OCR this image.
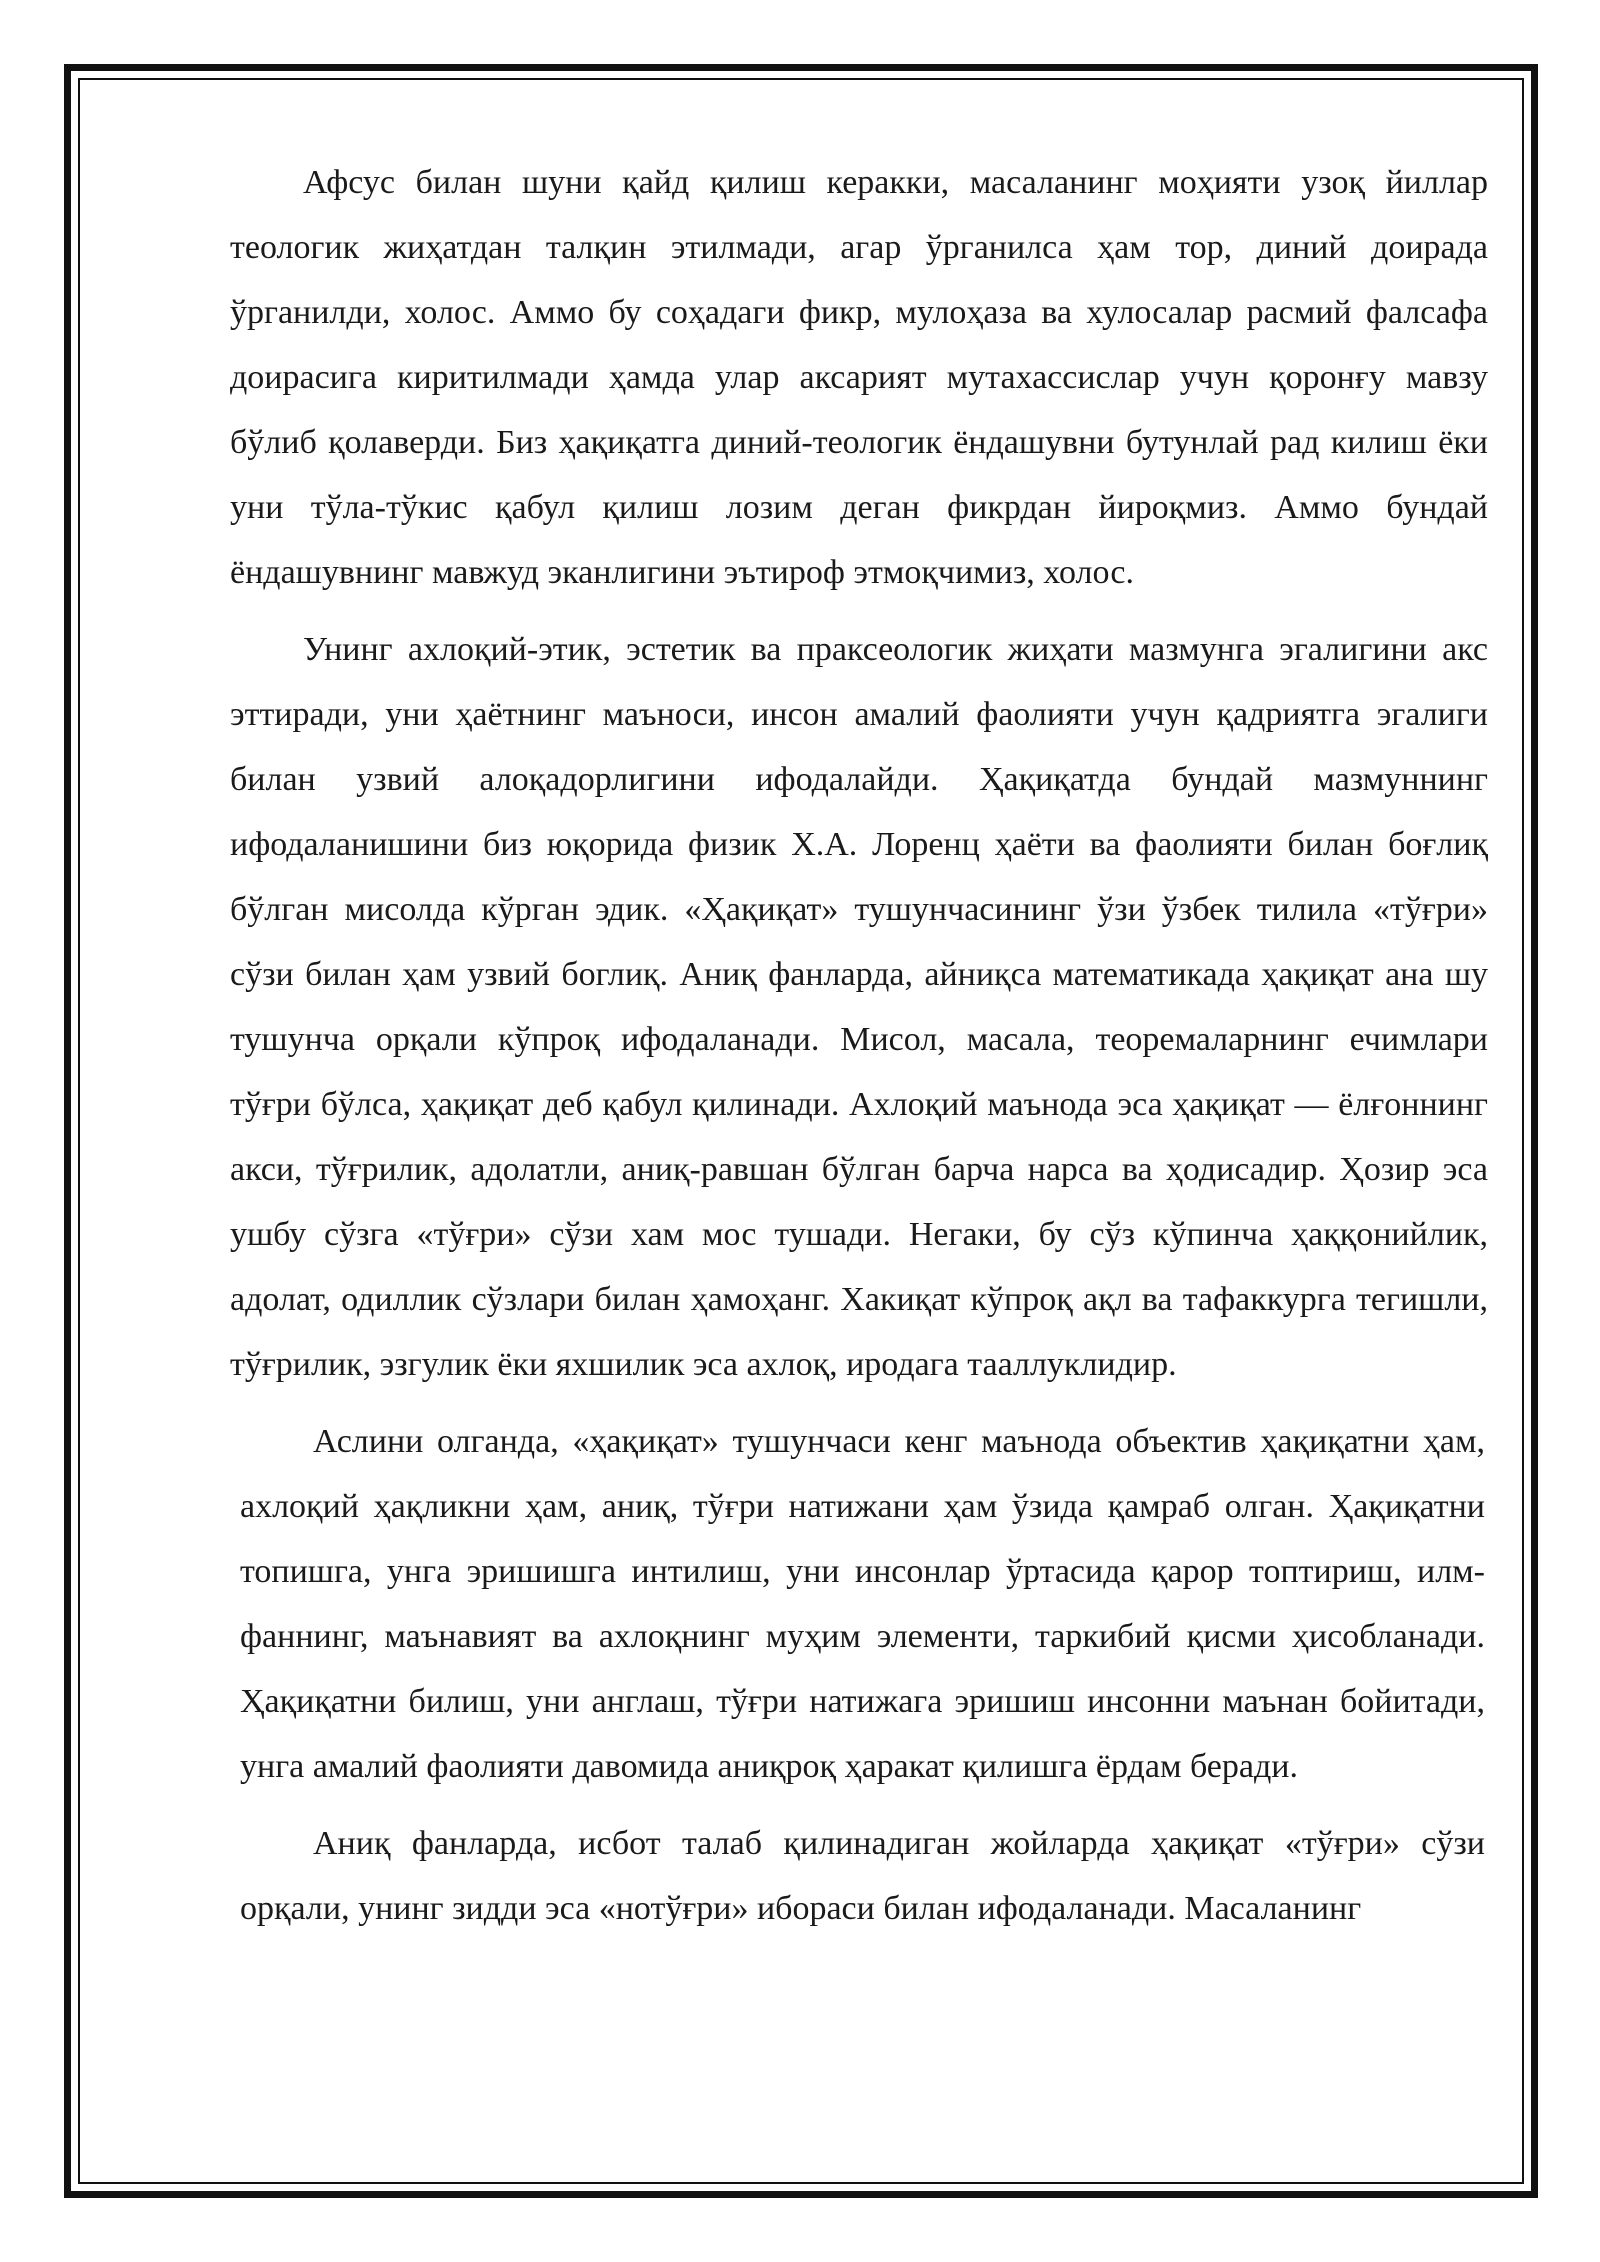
Афсус билан шуни қайд қилиш керакки, масаланинг моҳияти узоқ йиллар теологик жиҳатдан талқин этилмади, агар ўрганилса ҳам тор, диний доирада ўрганилди, холос. Аммо бу соҳадаги фикр, мулоҳаза ва хулосалар расмий фалсафа доирасига киритилмади ҳамда улар аксарият мутахассислар учун қоронғу мавзу бўлиб қолаверди. Биз ҳақиқатга диний-теологик ёндашувни бутунлай рад килиш ёки уни тўла-тўкис қабул қилиш лозим деган фикрдан йироқмиз. Аммо бундай ёндашувнинг мавжуд эканлигини эътироф этмоқчимиз, холос.

Унинг ахлоқий-этик, эстетик ва праксеологик жиҳати мазмунга эгалигини акс эттиради, уни ҳаётнинг маъноси, инсон амалий фаолияти учун қадриятга эгалиги билан узвий алоқадорлигини ифодалайди. Ҳақиқатда бундай мазмуннинг ифодаланишини биз юқорида физик Х.А. Лоренц ҳаёти ва фаолияти билан боғлиқ бўлган мисолда кўрган эдик. «Ҳақиқат» тушунчасининг ўзи ўзбек тилила «тўғри» сўзи билан ҳам узвий боглиқ. Аниқ фанларда, айниқса математикада ҳақиқат ана шу тушунча орқали кўпроқ ифодаланади. Мисол, масала, теоремаларнинг ечимлари тўғри бўлса, ҳақиқат деб қабул қилинади. Ахлоқий маънода эса ҳақиқат — ёлғоннинг акси, тўғрилик, адолатли, аниқ-равшан бўлган барча нарса ва ҳодисадир. Ҳозир эса ушбу сўзга «тўғри» сўзи хам мос тушади. Негаки, бу сўз кўпинча ҳаққонийлик, адолат, одиллик сўзлари билан ҳамоҳанг. Хакиқат кўпроқ ақл ва тафаккурга тегишли, тўғрилик, эзгулик ёки яхшилик эса ахлоқ, иродага тааллуклидир.

Аслини олганда, «ҳақиқат» тушунчаси кенг маънода объектив ҳақиқатни ҳам, ахлоқий ҳақликни ҳам, аниқ, тўғри натижани ҳам ўзида қамраб олган. Ҳақиқатни топишга, унга эришишга интилиш, уни инсонлар ўртасида қарор топтириш, илм-фаннинг, маънавият ва ахлоқнинг муҳим элементи, таркибий қисми ҳисобланади. Ҳақиқатни билиш, уни англаш, тўғри натижага эришиш инсонни маънан бойитади, унга амалий фаолияти давомида аниқроқ ҳаракат қилишга ёрдам беради.

Аниқ фанларда, исбот талаб қилинадиган жойларда ҳақиқат «тўғри» сўзи орқали, унинг зидди эса «нотўғри» ибораси билан ифодаланади. Масаланинг
